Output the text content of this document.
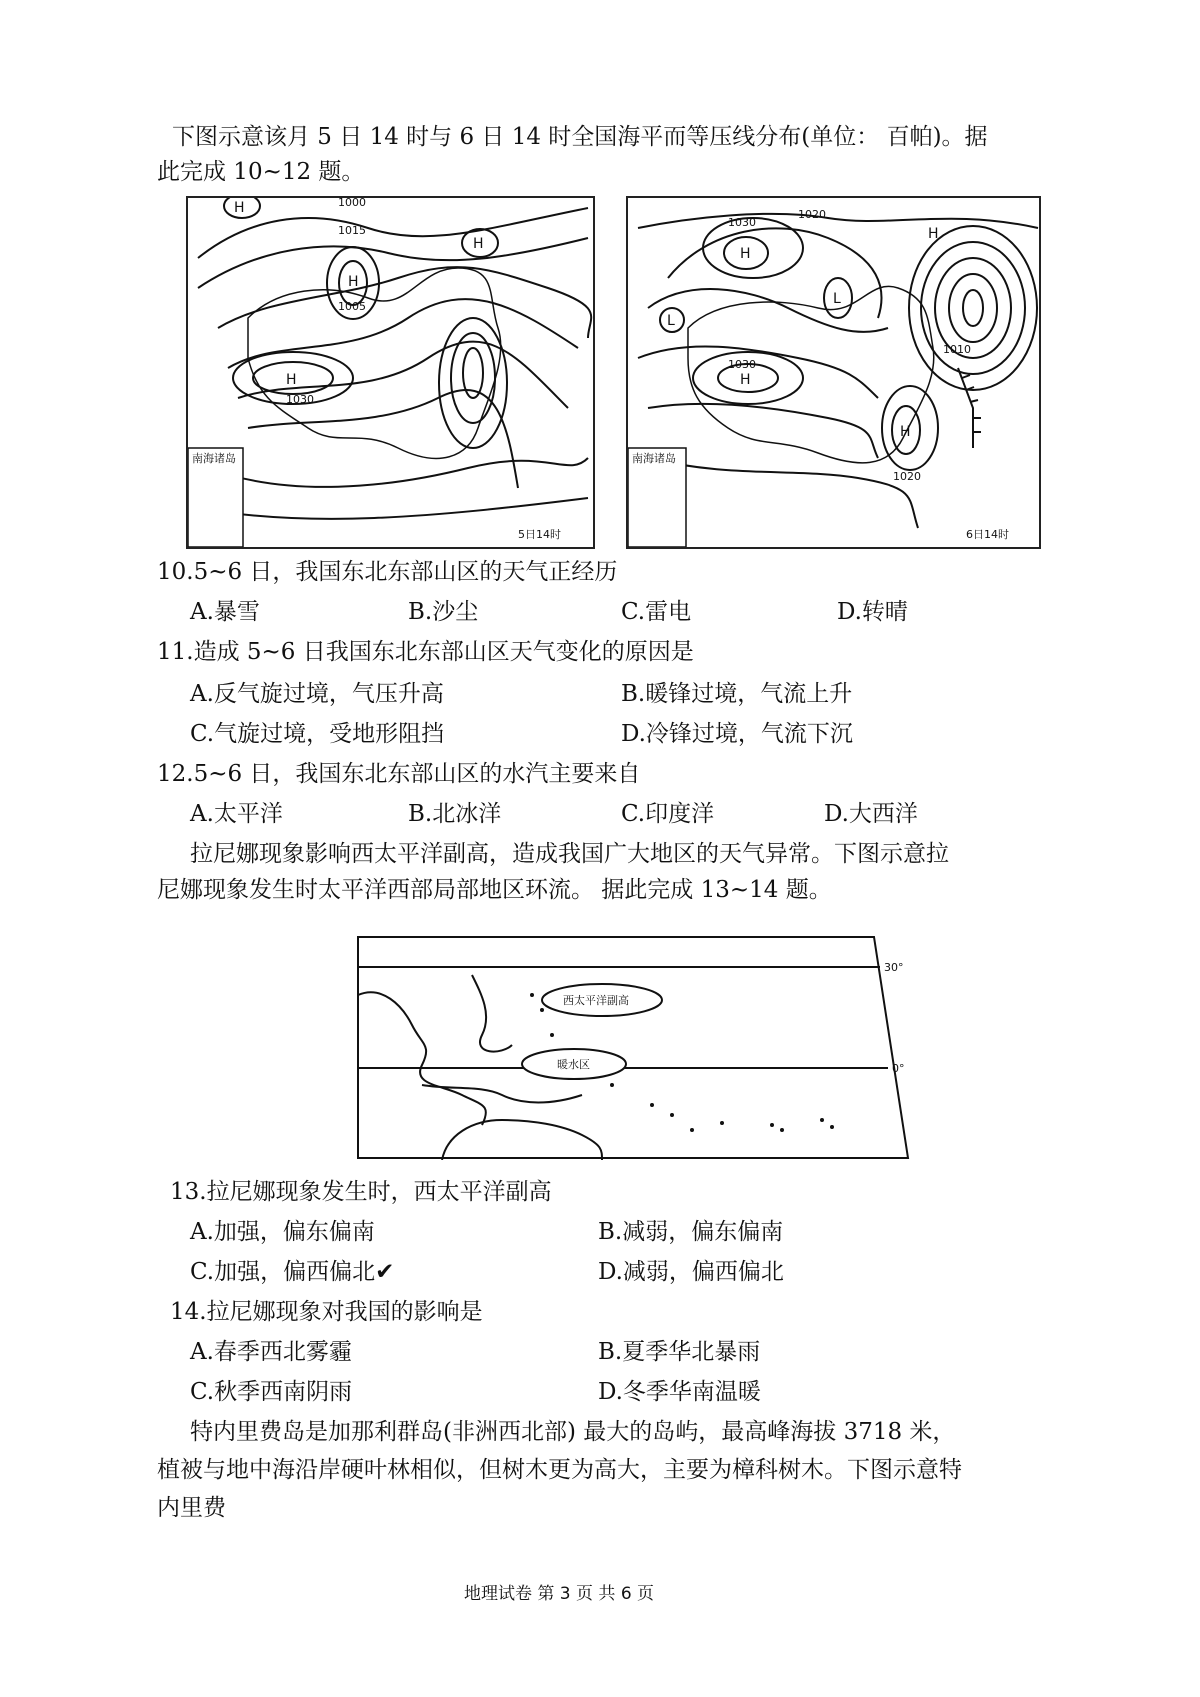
下图示意该月 5 日 14 时与 6 日 14 时全国海平而等压线分布(单位： 百帕)。据
此完成 10~12 题。
H
H
H
H	1000
1015
1030
1005
南海诸岛
5日14时
H
H
H
H
L
L
1030
1020
1030
1010
1020
南海诸岛
6日14时
10.5~6 日，我国东北东部山区的天气正经历
A.暴雪	B.沙尘	C.雷电	D.转晴
11.造成 5~6 日我国东北东部山区天气变化的原因是
A.反气旋过境，气压升高	B.暖锋过境，气流上升
C.气旋过境，受地形阻挡	D.冷锋过境，气流下沉
12.5~6 日，我国东北东部山区的水汽主要来自
A.太平洋	B.北冰洋	C.印度洋	D.大西洋
拉尼娜现象影响西太平洋副高，造成我国广大地区的天气异常。下图示意拉
尼娜现象发生时太平洋西部局部地区环流。 据此完成 13~14 题。
西太平洋副高
暖水区
30°
0°
13.拉尼娜现象发生时，西太平洋副高
A.加强，偏东偏南	B.减弱，偏东偏南
C.加强，偏西偏北✔	D.减弱，偏西偏北
14.拉尼娜现象对我国的影响是
A.春季西北雾霾	B.夏季华北暴雨
C.秋季西南阴雨	D.冬季华南温暖
特内里费岛是加那利群岛(非洲西北部) 最大的岛屿，最高峰海拔 3718 米，
植被与地中海沿岸硬叶林相似，但树木更为高大，主要为樟科树木。下图示意特
内里费
地理试卷 第 3 页 共 6 页
